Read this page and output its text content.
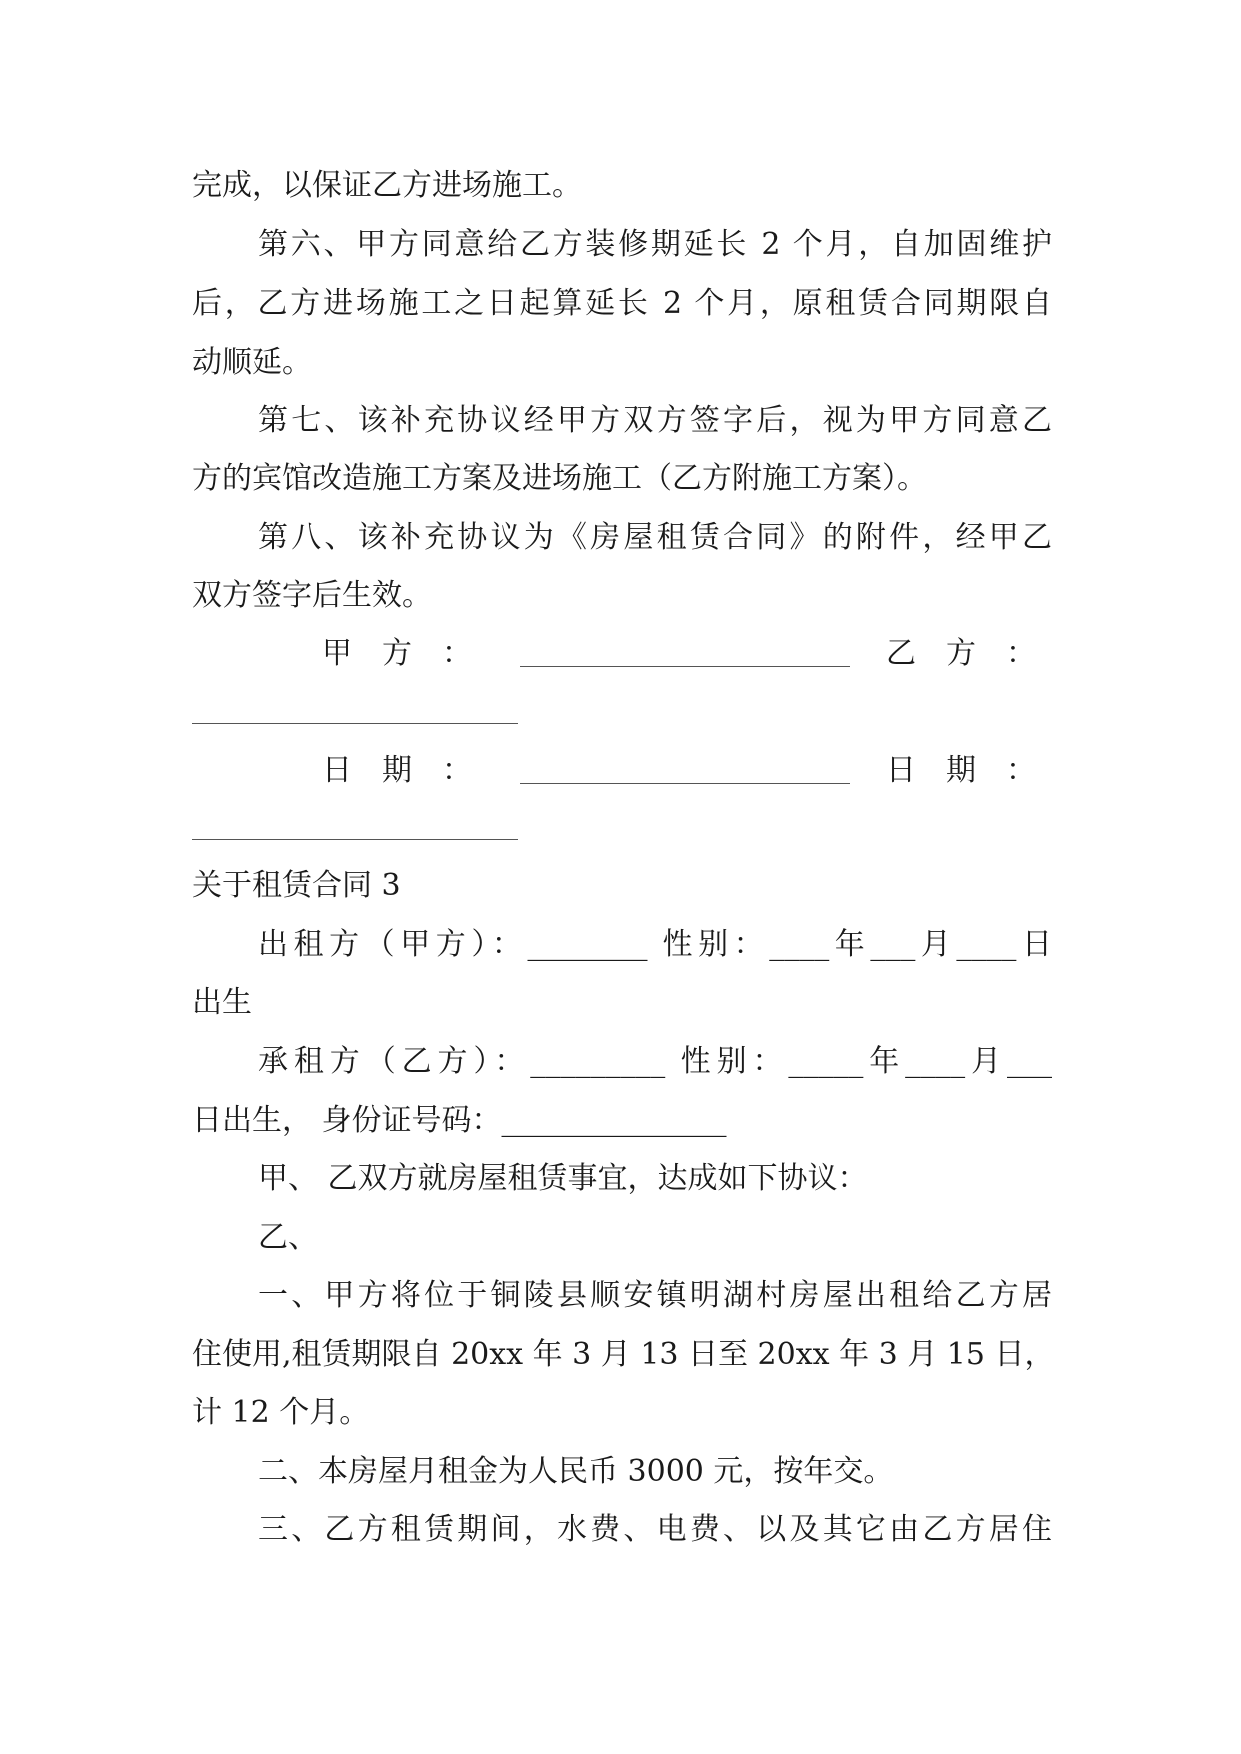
完成，以保证乙方进场施工。
第六、甲方同意给乙方装修期延长 2 个月，自加固维护
后，乙方进场施工之日起算延长 2 个月，原租赁合同期限自
动顺延。
第七、该补充协议经甲方双方签字后，视为甲方同意乙
方的宾馆改造施工方案及进场施工（乙方附施工方案）。
第八、该补充协议为《房屋租赁合同》的附件，经甲乙
双方签字后生效。
甲　方　：	乙　方　：
日　期　：	日　期　：
关于租赁合同 3
出租方（甲方）：________ 性别：____年___月____日
出生
承租方（乙方）：_________ 性别：_____年____月___
日出生， 身份证号码：_______________
甲、 乙双方就房屋租赁事宜，达成如下协议：
乙、
一、甲方将位于铜陵县顺安镇明湖村房屋出租给乙方居
住使用,租赁期限自 20xx 年 3 月 13 日至 20xx 年 3 月 15 日，
计 12 个月。
二、本房屋月租金为人民币 3000 元，按年交。
三、乙方租赁期间，水费、电费、以及其它由乙方居住
